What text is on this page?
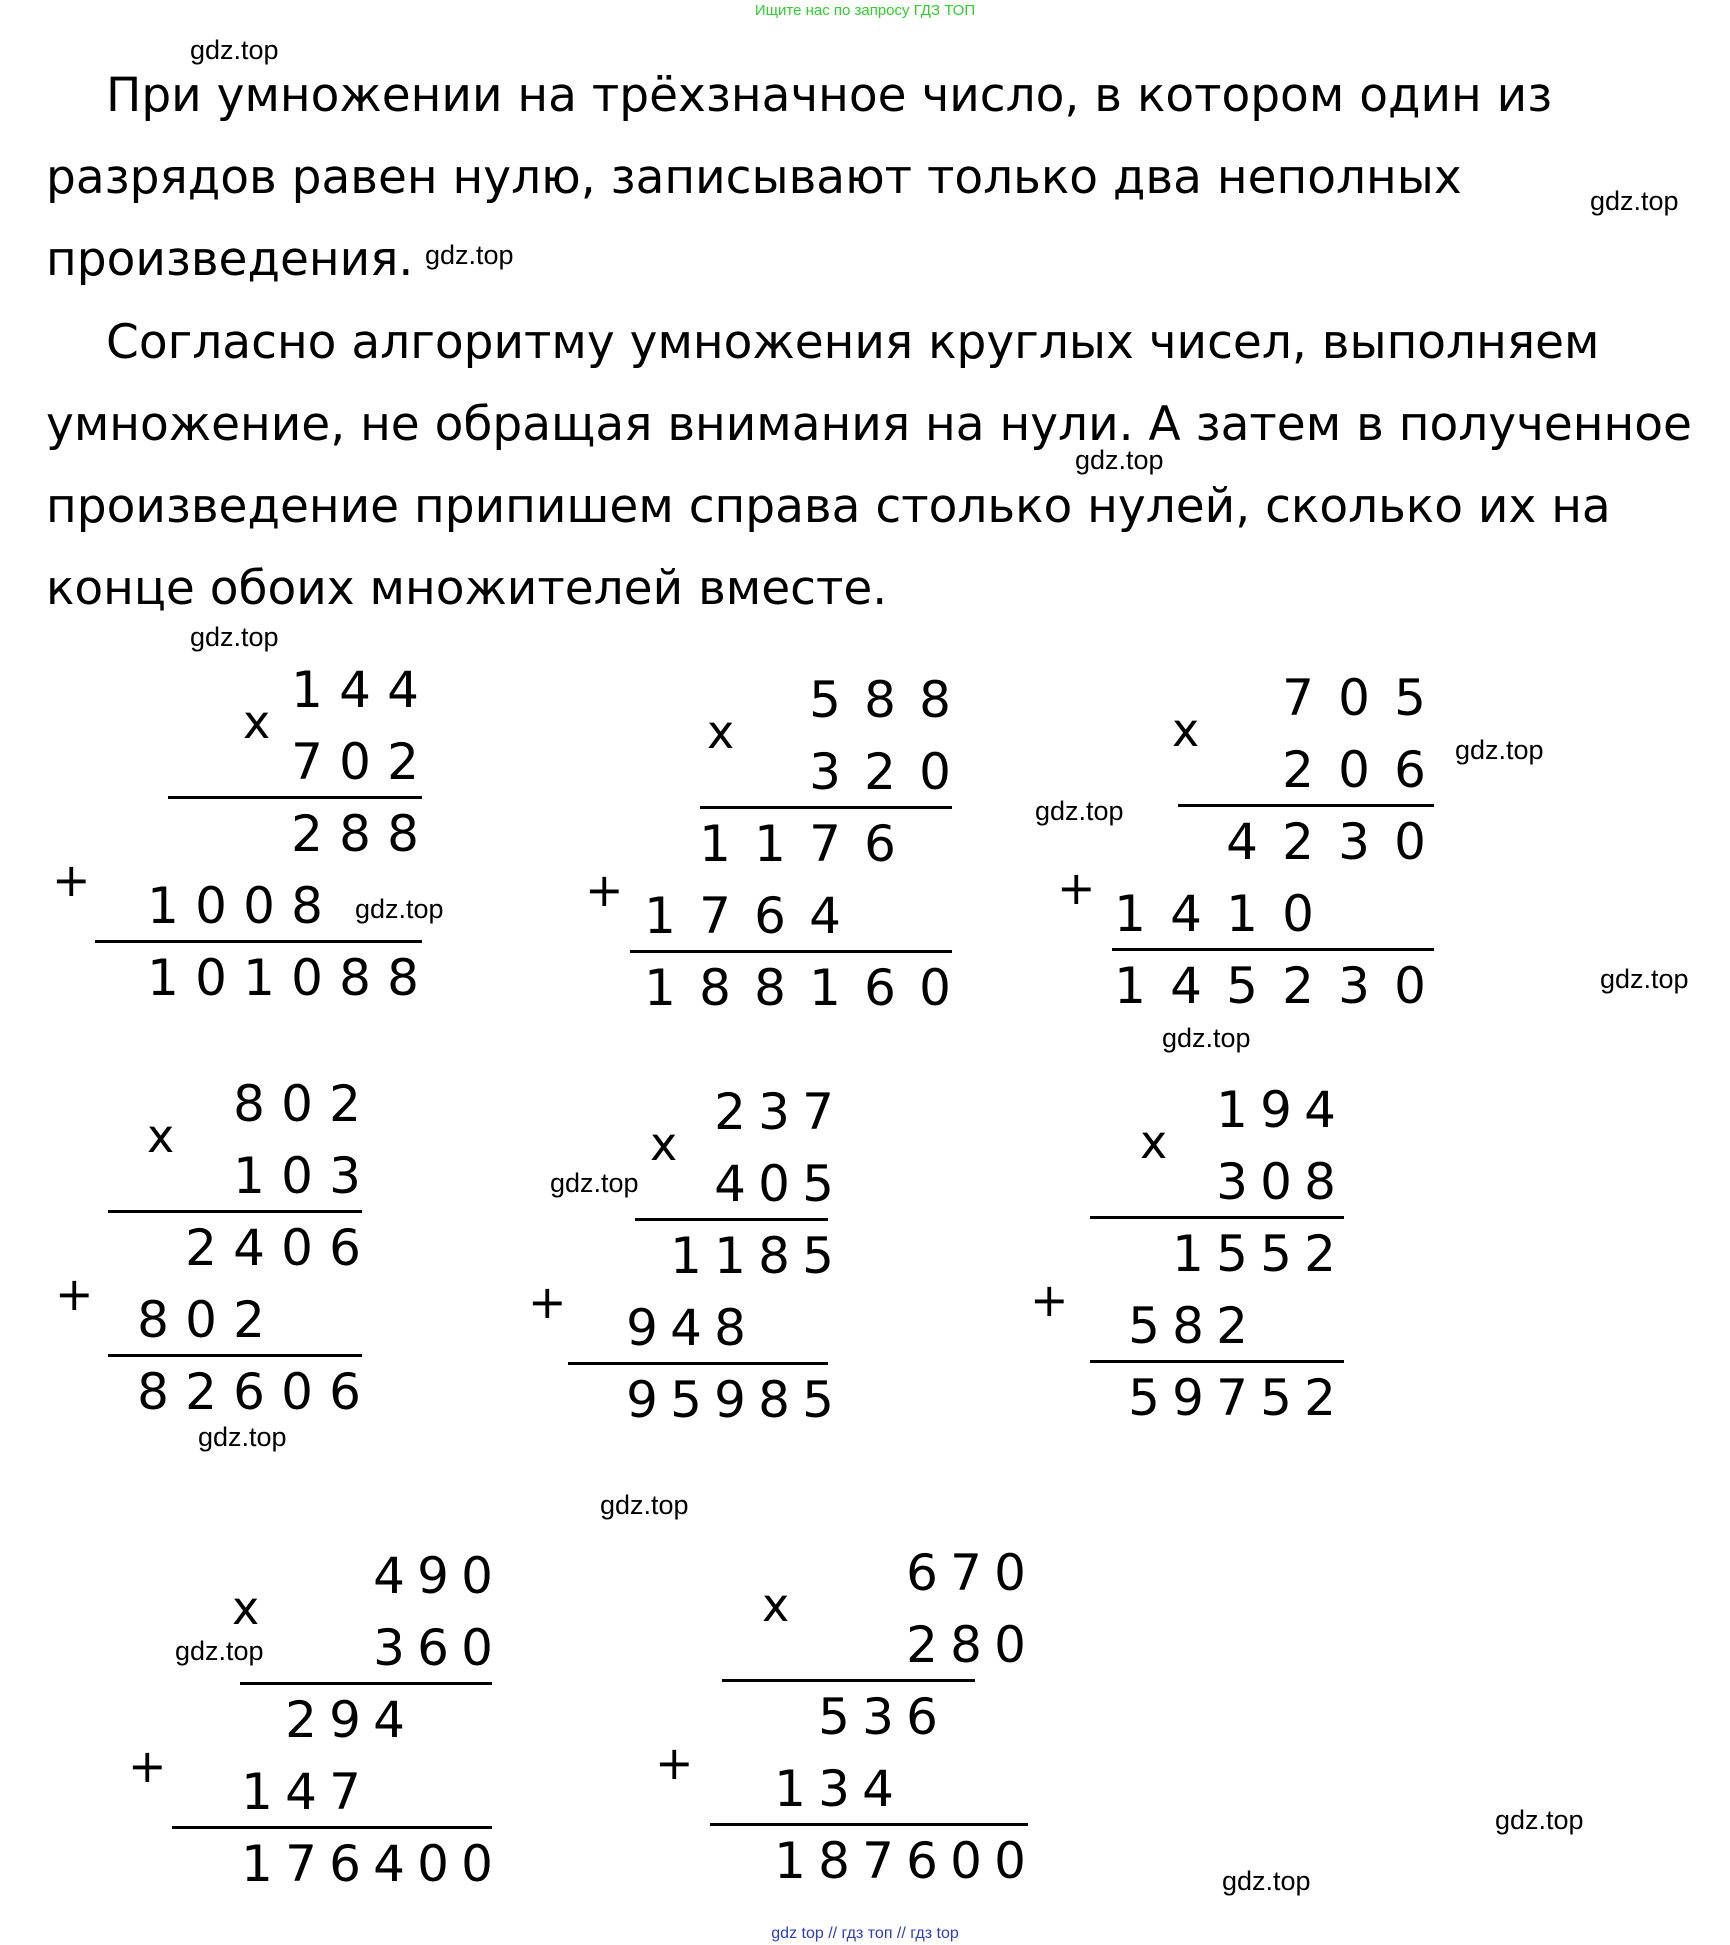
Ищите нас по запросу ГДЗ ТОП
При умножении на трёхзначное число, в котором один из
разрядов равен нулю, записывают только два неполных
произведения.
Согласно алгоритму умножения круглых чисел, выполняем
умножение, не обращая внимания на нули. А затем в полученное
произведение припишем справа столько нулей, сколько их на
конце обоих множителей вместе.
1 4 4
7 0 2
x
2 8 8
1 0 0 8
+
1 0 1 0 8 8
5 8 8
3 2 0
x
1 1 7 6
1 7 6 4
+
1 8 8 1 6 0
7 0 5
2 0 6
x
4 2 3 0
1 4 1 0
+
1 4 5 2 3 0
8 0 2
1 0 3
x
2 4 0 6
8 0 2
+
8 2 6 0 6
2 3 7
4 0 5
x
1 1 8 5
9 4 8
+
9 5 9 8 5
1 9 4
3 0 8
x
1 5 5 2
5 8 2
+
5 9 7 5 2
4 9 0
3 6 0
x
2 9 4
1 4 7
+
1 7 6 4 0 0
6 7 0
2 8 0
x
5 3 6
1 3 4
+
1 8 7 6 0 0
gdz.top
gdz.top
gdz.top
gdz.top
gdz.top
gdz.top
gdz.top
gdz.top
gdz.top
gdz.top
gdz.top
gdz.top
gdz.top
gdz.top
gdz.top
gdz.top
gdz top // гдз топ // гдз top
